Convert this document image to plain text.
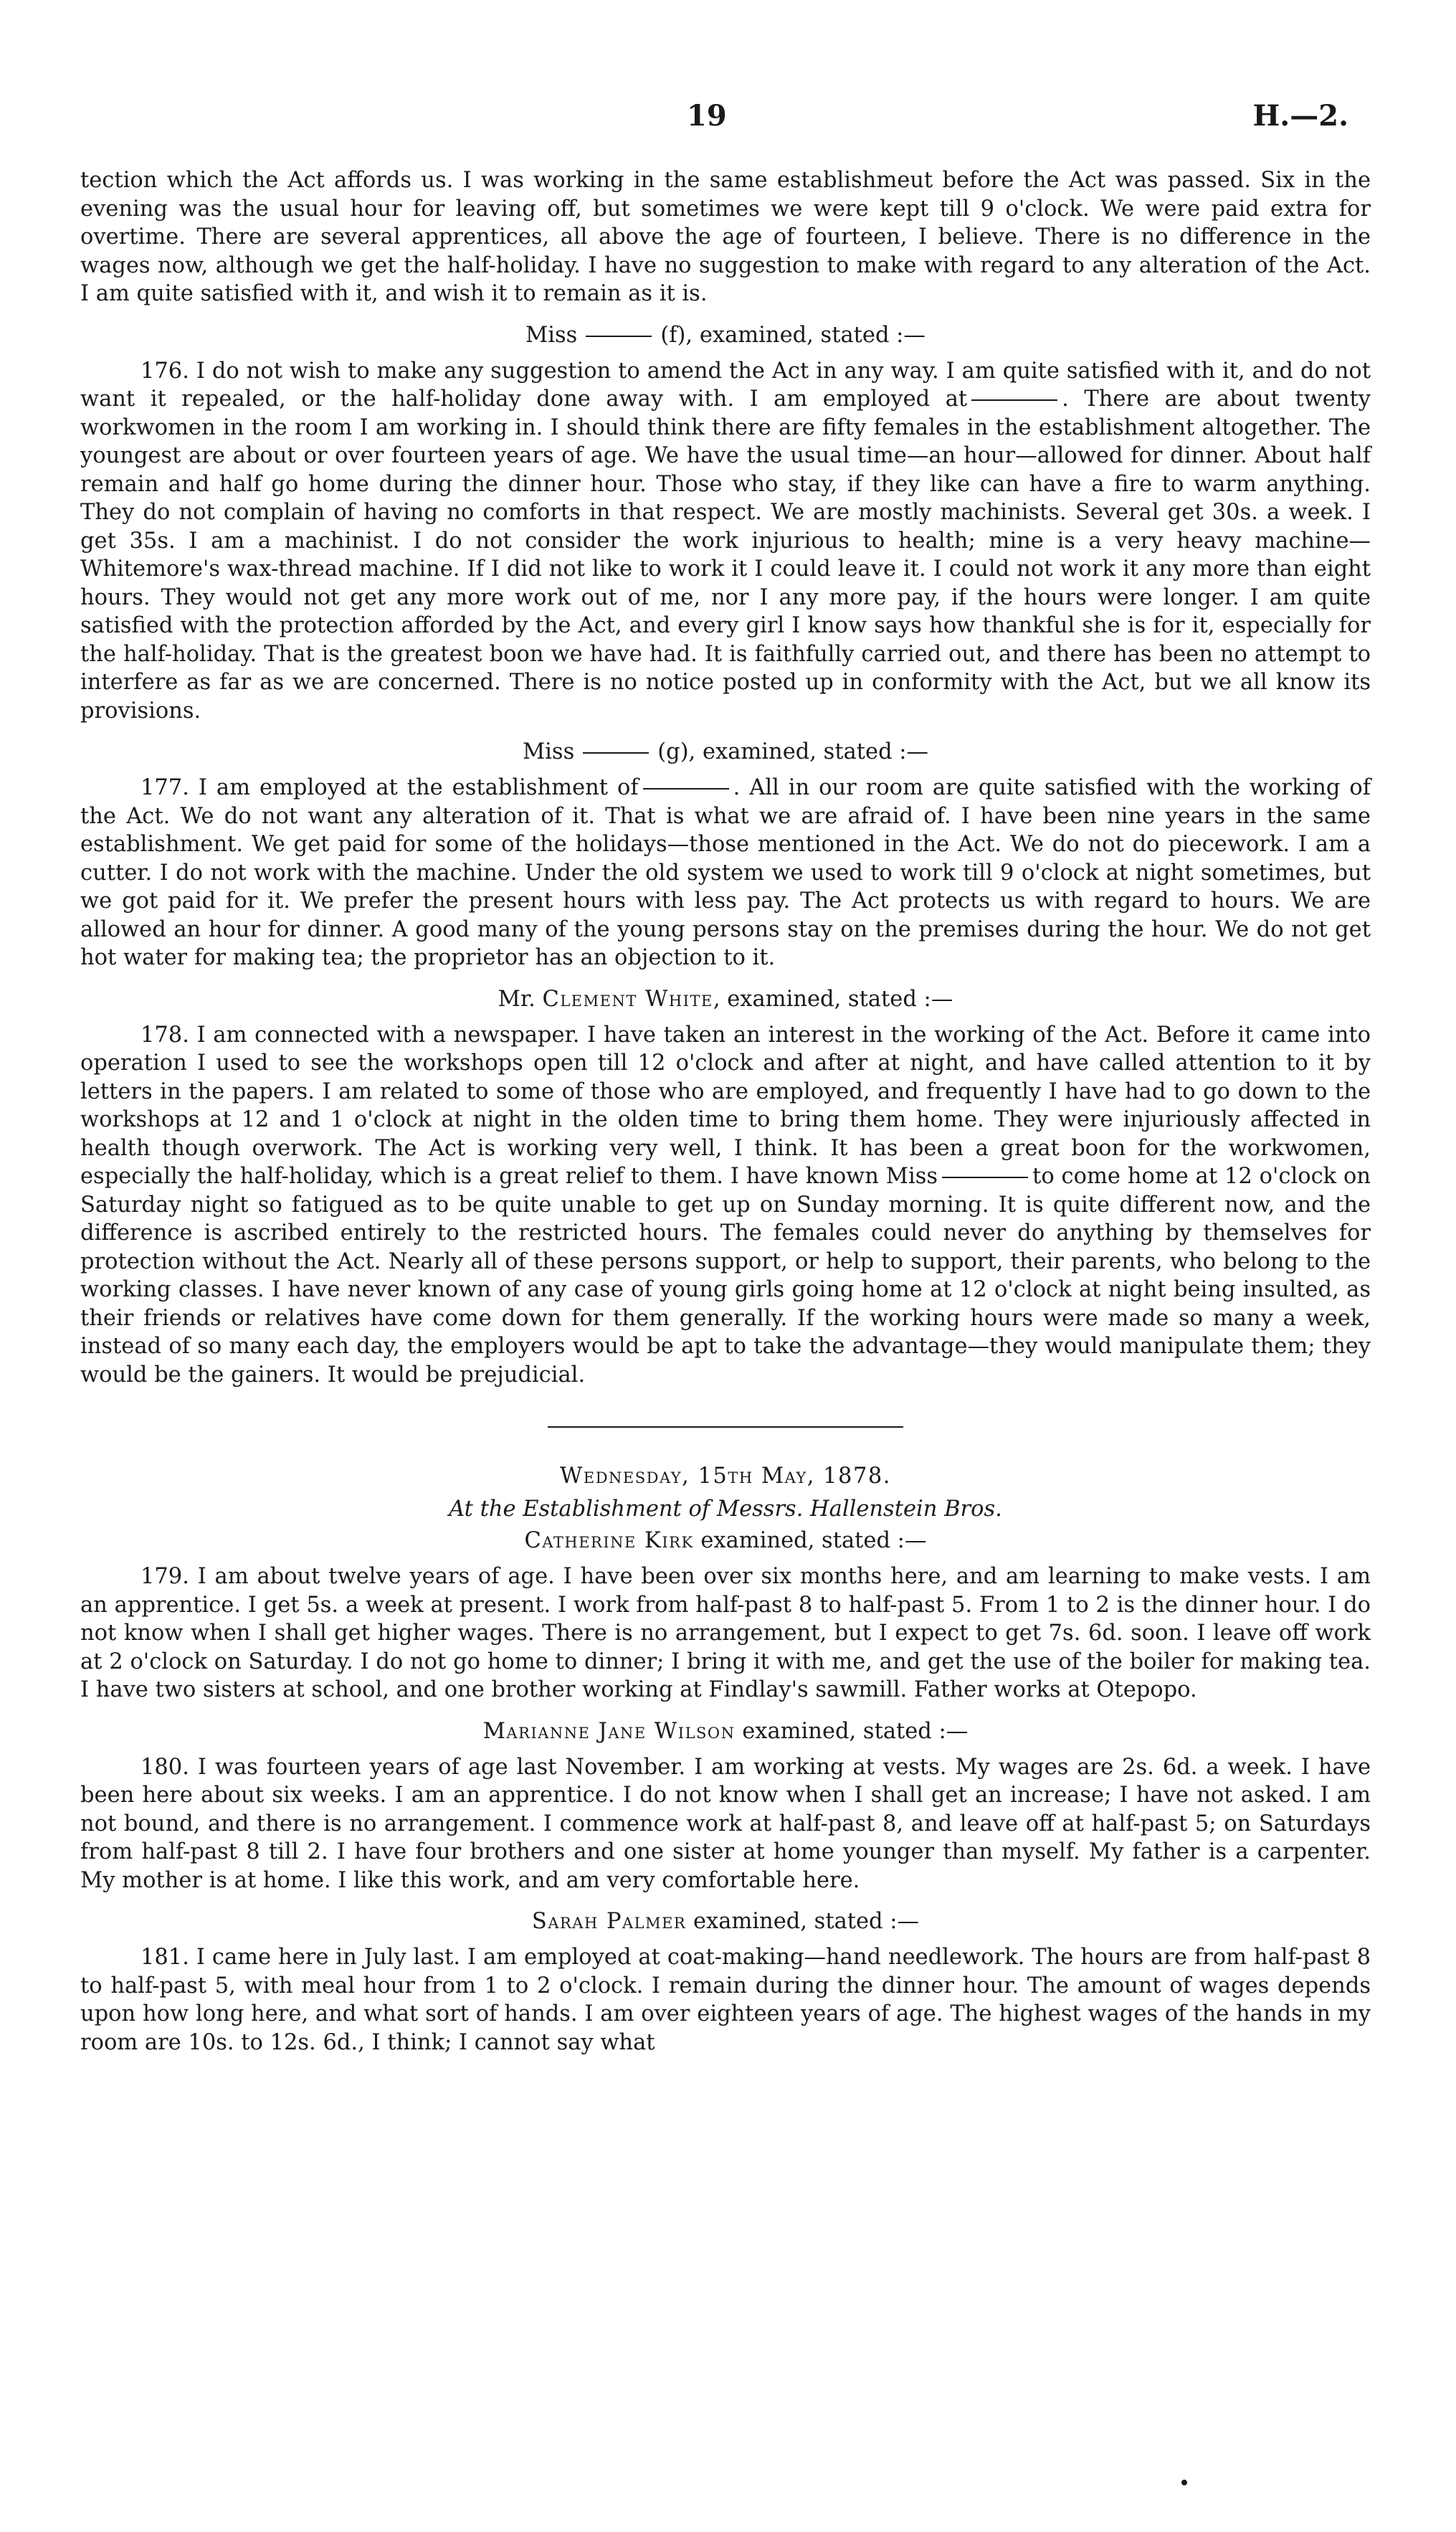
19	H.—2.

tection which the Act affords us. I was working in the same establishmeut before the Act was passed. Six in the evening was the usual hour for leaving off, but sometimes we were kept till 9 o'clock. We were paid extra for overtime. There are several apprentices, all above the age of fourteen, I believe. There is no difference in the wages now, although we get the half-holiday. I have no suggestion to make with regard to any alteration of the Act. I am quite satisfied with it, and wish it to remain as it is.

Miss	(f), examined, stated :—

176. I do not wish to make any suggestion to amend the Act in any way. I am quite satisfied with it, and do not want it repealed, or the half-holiday done away with. I am employed at	. There are about twenty workwomen in the room I am working in. I should think there are fifty females in the establishment altogether. The youngest are about or over fourteen years of age. We have the usual time—an hour—allowed for dinner. About half remain and half go home during the dinner hour. Those who stay, if they like can have a fire to warm anything. They do not complain of having no comforts in that respect. We are mostly machinists. Several get 30s. a week. I get 35s. I am a machinist. I do not consider the work injurious to health; mine is a very heavy machine—Whitemore's wax-thread machine. If I did not like to work it I could leave it. I could not work it any more than eight hours. They would not get any more work out of me, nor I any more pay, if the hours were longer. I am quite satisfied with the protection afforded by the Act, and every girl I know says how thankful she is for it, especially for the half-holiday. That is the greatest boon we have had. It is faithfully carried out, and there has been no attempt to interfere as far as we are concerned. There is no notice posted up in conformity with the Act, but we all know its provisions.

Miss	(g), examined, stated :—

177. I am employed at the establishment of	. All in our room are quite satisfied with the working of the Act. We do not want any alteration of it. That is what we are afraid of. I have been nine years in the same establishment. We get paid for some of the holidays—those mentioned in the Act. We do not do piecework. I am a cutter. I do not work with the machine. Under the old system we used to work till 9 o'clock at night sometimes, but we got paid for it. We prefer the present hours with less pay. The Act protects us with regard to hours. We are allowed an hour for dinner. A good many of the young persons stay on the premises during the hour. We do not get hot water for making tea; the proprietor has an objection to it.

Mr. Clement White, examined, stated :—

178. I am connected with a newspaper. I have taken an interest in the working of the Act. Before it came into operation I used to see the workshops open till 12 o'clock and after at night, and have called attention to it by letters in the papers. I am related to some of those who are employed, and frequently I have had to go down to the workshops at 12 and 1 o'clock at night in the olden time to bring them home. They were injuriously affected in health though overwork. The Act is working very well, I think. It has been a great boon for the workwomen, especially the half-holiday, which is a great relief to them. I have known Miss	to come home at 12 o'clock on Saturday night so fatigued as to be quite unable to get up on Sunday morning. It is quite different now, and the difference is ascribed entirely to the restricted hours. The females could never do anything by themselves for protection without the Act. Nearly all of these persons support, or help to support, their parents, who belong to the working classes. I have never known of any case of young girls going home at 12 o'clock at night being insulted, as their friends or relatives have come down for them generally. If the working hours were made so many a week, instead of so many each day, the employers would be apt to take the advantage—they would manipulate them; they would be the gainers. It would be prejudicial.

Wednesday, 15th May, 1878.
At the Establishment of Messrs. Hallenstein Bros.
Catherine Kirk examined, stated :—

179. I am about twelve years of age. I have been over six months here, and am learning to make vests. I am an apprentice. I get 5s. a week at present. I work from half-past 8 to half-past 5. From 1 to 2 is the dinner hour. I do not know when I shall get higher wages. There is no arrangement, but I expect to get 7s. 6d. soon. I leave off work at 2 o'clock on Saturday. I do not go home to dinner; I bring it with me, and get the use of the boiler for making tea. I have two sisters at school, and one brother working at Findlay's sawmill. Father works at Otepopo.

Marianne Jane Wilson examined, stated :—

180. I was fourteen years of age last November. I am working at vests. My wages are 2s. 6d. a week. I have been here about six weeks. I am an apprentice. I do not know when I shall get an increase; I have not asked. I am not bound, and there is no arrangement. I commence work at half-past 8, and leave off at half-past 5; on Saturdays from half-past 8 till 2. I have four brothers and one sister at home younger than myself. My father is a carpenter. My mother is at home. I like this work, and am very comfortable here.

Sarah Palmer examined, stated :—

181. I came here in July last. I am employed at coat-making—hand needlework. The hours are from half-past 8 to half-past 5, with meal hour from 1 to 2 o'clock. I remain during the dinner hour. The amount of wages depends upon how long here, and what sort of hands. I am over eighteen years of age. The highest wages of the hands in my room are 10s. to 12s. 6d., I think; I cannot say what
